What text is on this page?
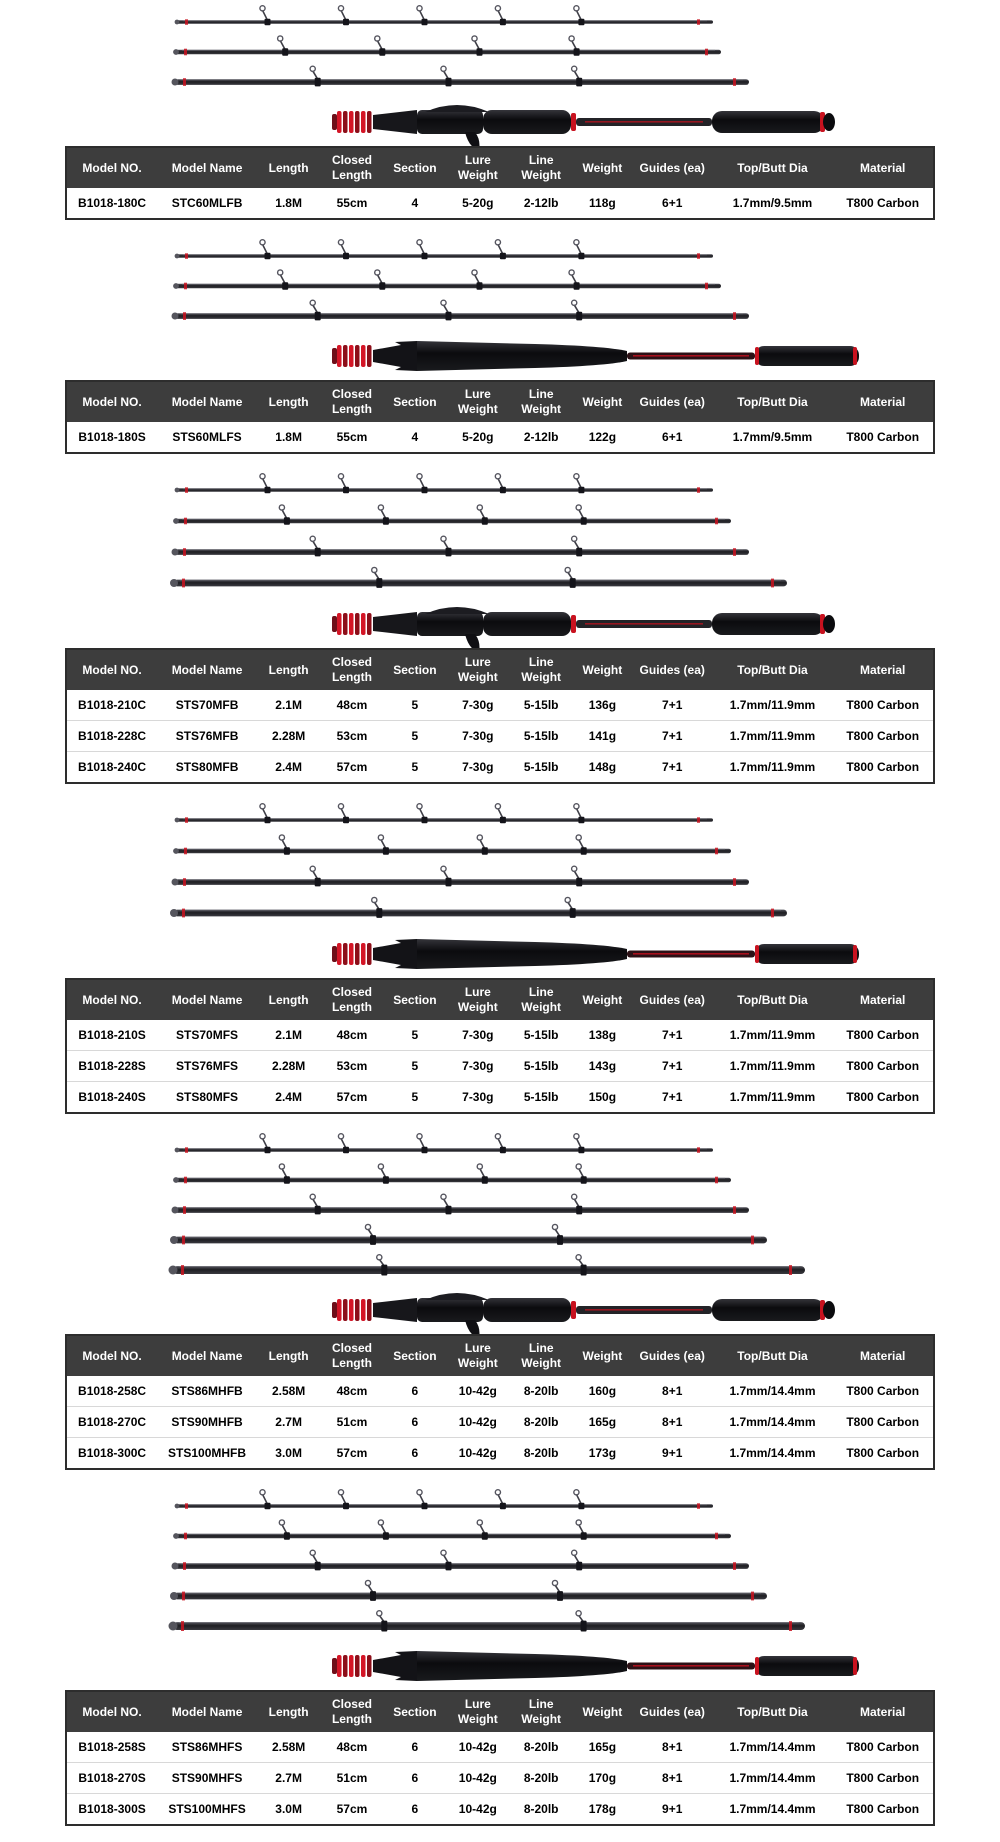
Model NO.	Model Name	Length	Closed Length	Section	Lure Weight	Line Weight	Weight	Guides (ea)	Top/Butt Dia	Material
B1018-180C	STC60MLFB	1.8M	55cm	4	5-20g	2-12lb	118g	6+1	1.7mm/9.5mm	T800 Carbon
Model NO.	Model Name	Length	Closed Length	Section	Lure Weight	Line Weight	Weight	Guides (ea)	Top/Butt Dia	Material
B1018-180S	STS60MLFS	1.8M	55cm	4	5-20g	2-12lb	122g	6+1	1.7mm/9.5mm	T800 Carbon
Model NO.	Model Name	Length	Closed Length	Section	Lure Weight	Line Weight	Weight	Guides (ea)	Top/Butt Dia	Material
B1018-210C	STS70MFB	2.1M	48cm	5	7-30g	5-15lb	136g	7+1	1.7mm/11.9mm	T800 Carbon
B1018-228C	STS76MFB	2.28M	53cm	5	7-30g	5-15lb	141g	7+1	1.7mm/11.9mm	T800 Carbon
B1018-240C	STS80MFB	2.4M	57cm	5	7-30g	5-15lb	148g	7+1	1.7mm/11.9mm	T800 Carbon
Model NO.	Model Name	Length	Closed Length	Section	Lure Weight	Line Weight	Weight	Guides (ea)	Top/Butt Dia	Material
B1018-210S	STS70MFS	2.1M	48cm	5	7-30g	5-15lb	138g	7+1	1.7mm/11.9mm	T800 Carbon
B1018-228S	STS76MFS	2.28M	53cm	5	7-30g	5-15lb	143g	7+1	1.7mm/11.9mm	T800 Carbon
B1018-240S	STS80MFS	2.4M	57cm	5	7-30g	5-15lb	150g	7+1	1.7mm/11.9mm	T800 Carbon
Model NO.	Model Name	Length	Closed Length	Section	Lure Weight	Line Weight	Weight	Guides (ea)	Top/Butt Dia	Material
B1018-258C	STS86MHFB	2.58M	48cm	6	10-42g	8-20lb	160g	8+1	1.7mm/14.4mm	T800 Carbon
B1018-270C	STS90MHFB	2.7M	51cm	6	10-42g	8-20lb	165g	8+1	1.7mm/14.4mm	T800 Carbon
B1018-300C	STS100MHFB	3.0M	57cm	6	10-42g	8-20lb	173g	9+1	1.7mm/14.4mm	T800 Carbon
Model NO.	Model Name	Length	Closed Length	Section	Lure Weight	Line Weight	Weight	Guides (ea)	Top/Butt Dia	Material
B1018-258S	STS86MHFS	2.58M	48cm	6	10-42g	8-20lb	165g	8+1	1.7mm/14.4mm	T800 Carbon
B1018-270S	STS90MHFS	2.7M	51cm	6	10-42g	8-20lb	170g	8+1	1.7mm/14.4mm	T800 Carbon
B1018-300S	STS100MHFS	3.0M	57cm	6	10-42g	8-20lb	178g	9+1	1.7mm/14.4mm	T800 Carbon
